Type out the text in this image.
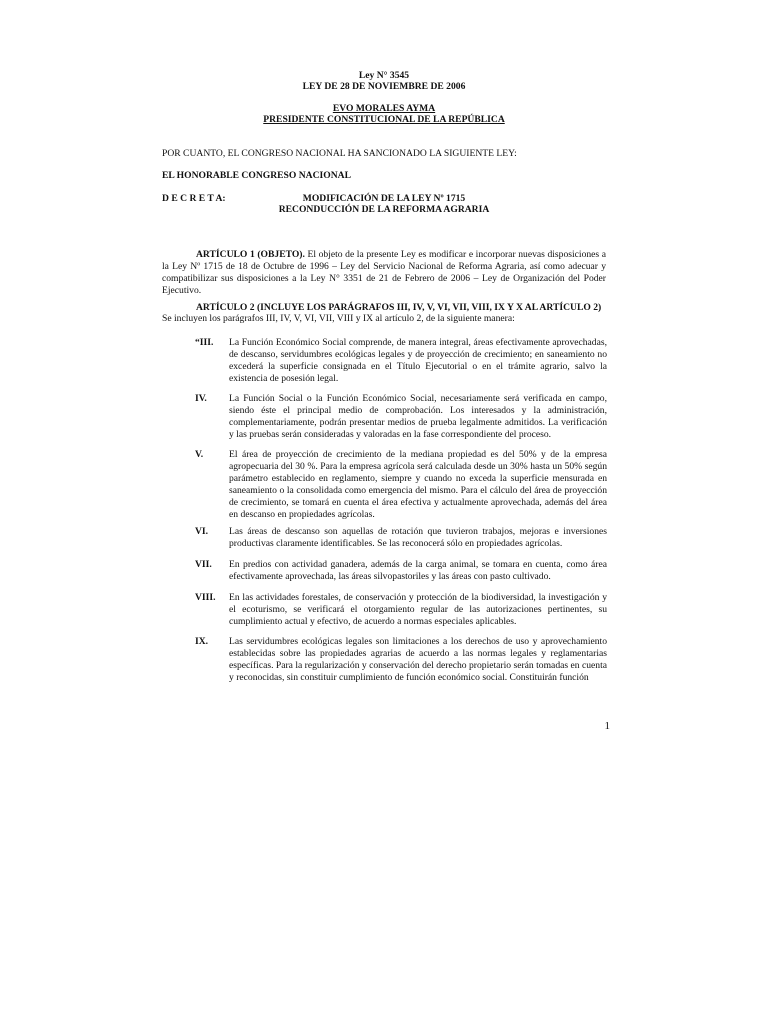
Ley N° 3545
LEY DE 28 DE NOVIEMBRE DE 2006
EVO MORALES AYMA
PRESIDENTE CONSTITUCIONAL DE LA REPÚBLICA
POR CUANTO, EL CONGRESO NACIONAL HA SANCIONADO LA SIGUIENTE LEY:
EL HONORABLE CONGRESO NACIONAL
D E C R E T A:	MODIFICACIÓN DE LA LEY Nº 1715
RECONDUCCIÓN DE LA REFORMA AGRARIA
ARTÍCULO 1 (OBJETO). El objeto de la presente Ley es modificar e incorporar nuevas disposiciones a la Ley Nº 1715 de 18 de Octubre de 1996 – Ley del Servicio Nacional de Reforma Agraria, así como adecuar y compatibilizar sus disposiciones a la Ley N° 3351 de 21 de Febrero de 2006 – Ley de Organización del Poder Ejecutivo.
ARTÍCULO 2 (INCLUYE LOS PARÁGRAFOS III, IV, V, VI, VII, VIII, IX Y X AL ARTÍCULO 2)
Se incluyen los parágrafos III, IV, V, VI, VII, VIII y IX al artículo 2, de la siguiente manera:
“III.	La Función Económico Social comprende, de manera integral, áreas efectivamente aprovechadas, de descanso, servidumbres ecológicas legales y de proyección de crecimiento; en saneamiento no excederá la superficie consignada en el Título Ejecutorial o en el trámite agrario, salvo la existencia de posesión legal.
IV.	La Función Social o la Función Económico Social, necesariamente será verificada en campo, siendo éste el principal medio de comprobación. Los interesados y la administración, complementariamente, podrán presentar medios de prueba legalmente admitidos. La verificación y las pruebas serán consideradas y valoradas en la fase correspondiente del proceso.
V.	El área de proyección de crecimiento de la mediana propiedad es del 50% y de la empresa agropecuaria del 30 %. Para la empresa agrícola será calculada desde un 30% hasta un 50% según parámetro establecido en reglamento, siempre y cuando no exceda la superficie mensurada en saneamiento o la consolidada como emergencia del mismo. Para el cálculo del área de proyección de crecimiento, se tomará en cuenta el área efectiva y actualmente aprovechada, además del área en descanso en propiedades agrícolas.
VI.	Las áreas de descanso son aquellas de rotación que tuvieron trabajos, mejoras e inversiones productivas claramente identificables. Se las reconocerá sólo en propiedades agrícolas.
VII.	En predios con actividad ganadera, además de la carga animal, se tomara en cuenta, como área efectivamente aprovechada, las áreas silvopastoriles y las áreas con pasto cultivado.
VIII.	En las actividades forestales, de conservación y protección de la biodiversidad, la investigación y el ecoturismo, se verificará el otorgamiento regular de las autorizaciones pertinentes, su cumplimiento actual y efectivo, de acuerdo a normas especiales aplicables.
IX.	Las servidumbres ecológicas legales son limitaciones a los derechos de uso y aprovechamiento establecidas sobre las propiedades agrarias de acuerdo a las normas legales y reglamentarias específicas. Para la regularización y conservación del derecho propietario serán tomadas en cuenta y reconocidas, sin constituir cumplimiento de función económico social. Constituirán función
1
